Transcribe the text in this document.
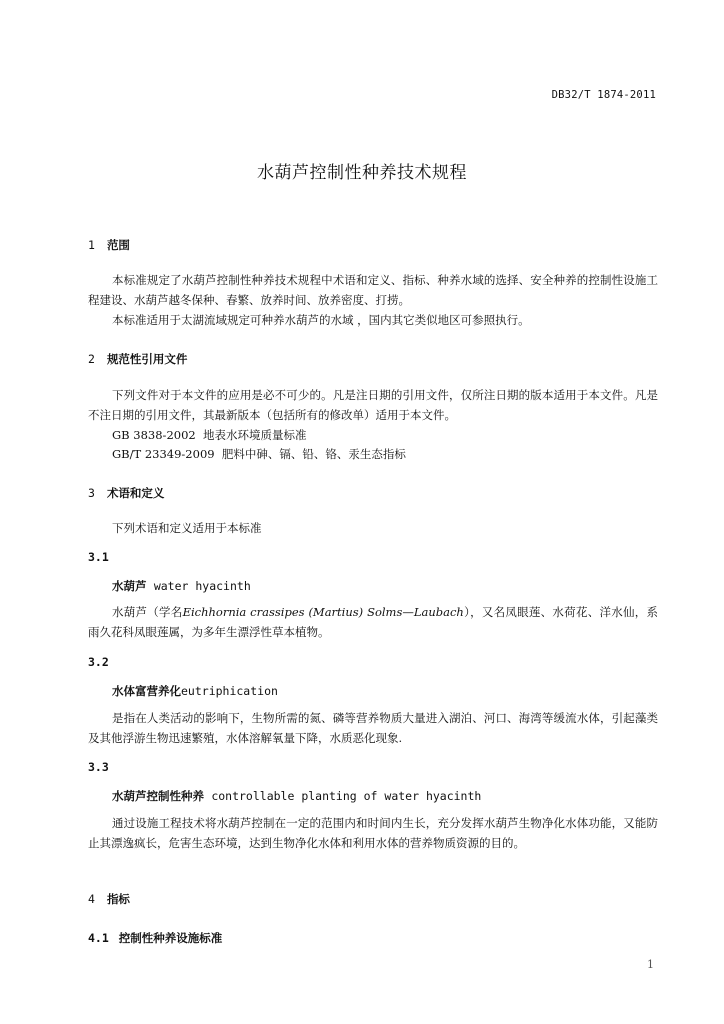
DB32/T 1874-2011
水葫芦控制性种养技术规程
1 范围
本标准规定了水葫芦控制性种养技术规程中术语和定义、指标、种养水域的选择、安全种养的控制性设施工程建设、水葫芦越冬保种、春繁、放养时间、放养密度、打捞。
本标准适用于太湖流域规定可种养水葫芦的水域 ，国内其它类似地区可参照执行。
2 规范性引用文件
下列文件对于本文件的应用是必不可少的。凡是注日期的引用文件，仅所注日期的版本适用于本文件。凡是不注日期的引用文件，其最新版本（包括所有的修改单）适用于本文件。
GB 3838-2002  地表水环境质量标准
GB/T 23349-2009  肥料中砷、镉、铅、铬、汞生态指标
3 术语和定义
下列术语和定义适用于本标准
3.1
水葫芦 water hyacinth
水葫芦（学名Eichhornia crassipes (Martius) Solms—Laubach），又名凤眼莲、水荷花、洋水仙，系雨久花科凤眼莲属，为多年生漂浮性草本植物。
3.2
水体富营养化eutriphication
是指在人类活动的影响下，生物所需的氮、磷等营养物质大量进入湖泊、河口、海湾等缓流水体，引起藻类及其他浮游生物迅速繁殖，水体溶解氧量下降，水质恶化现象.
3.3
水葫芦控制性种养 controllable planting of water hyacinth
通过设施工程技术将水葫芦控制在一定的范围内和时间内生长，充分发挥水葫芦生物净化水体功能，又能防止其漂逸疯长，危害生态环境，达到生物净化水体和利用水体的营养物质资源的目的。
4 指标
4.1 控制性种养设施标准
1
